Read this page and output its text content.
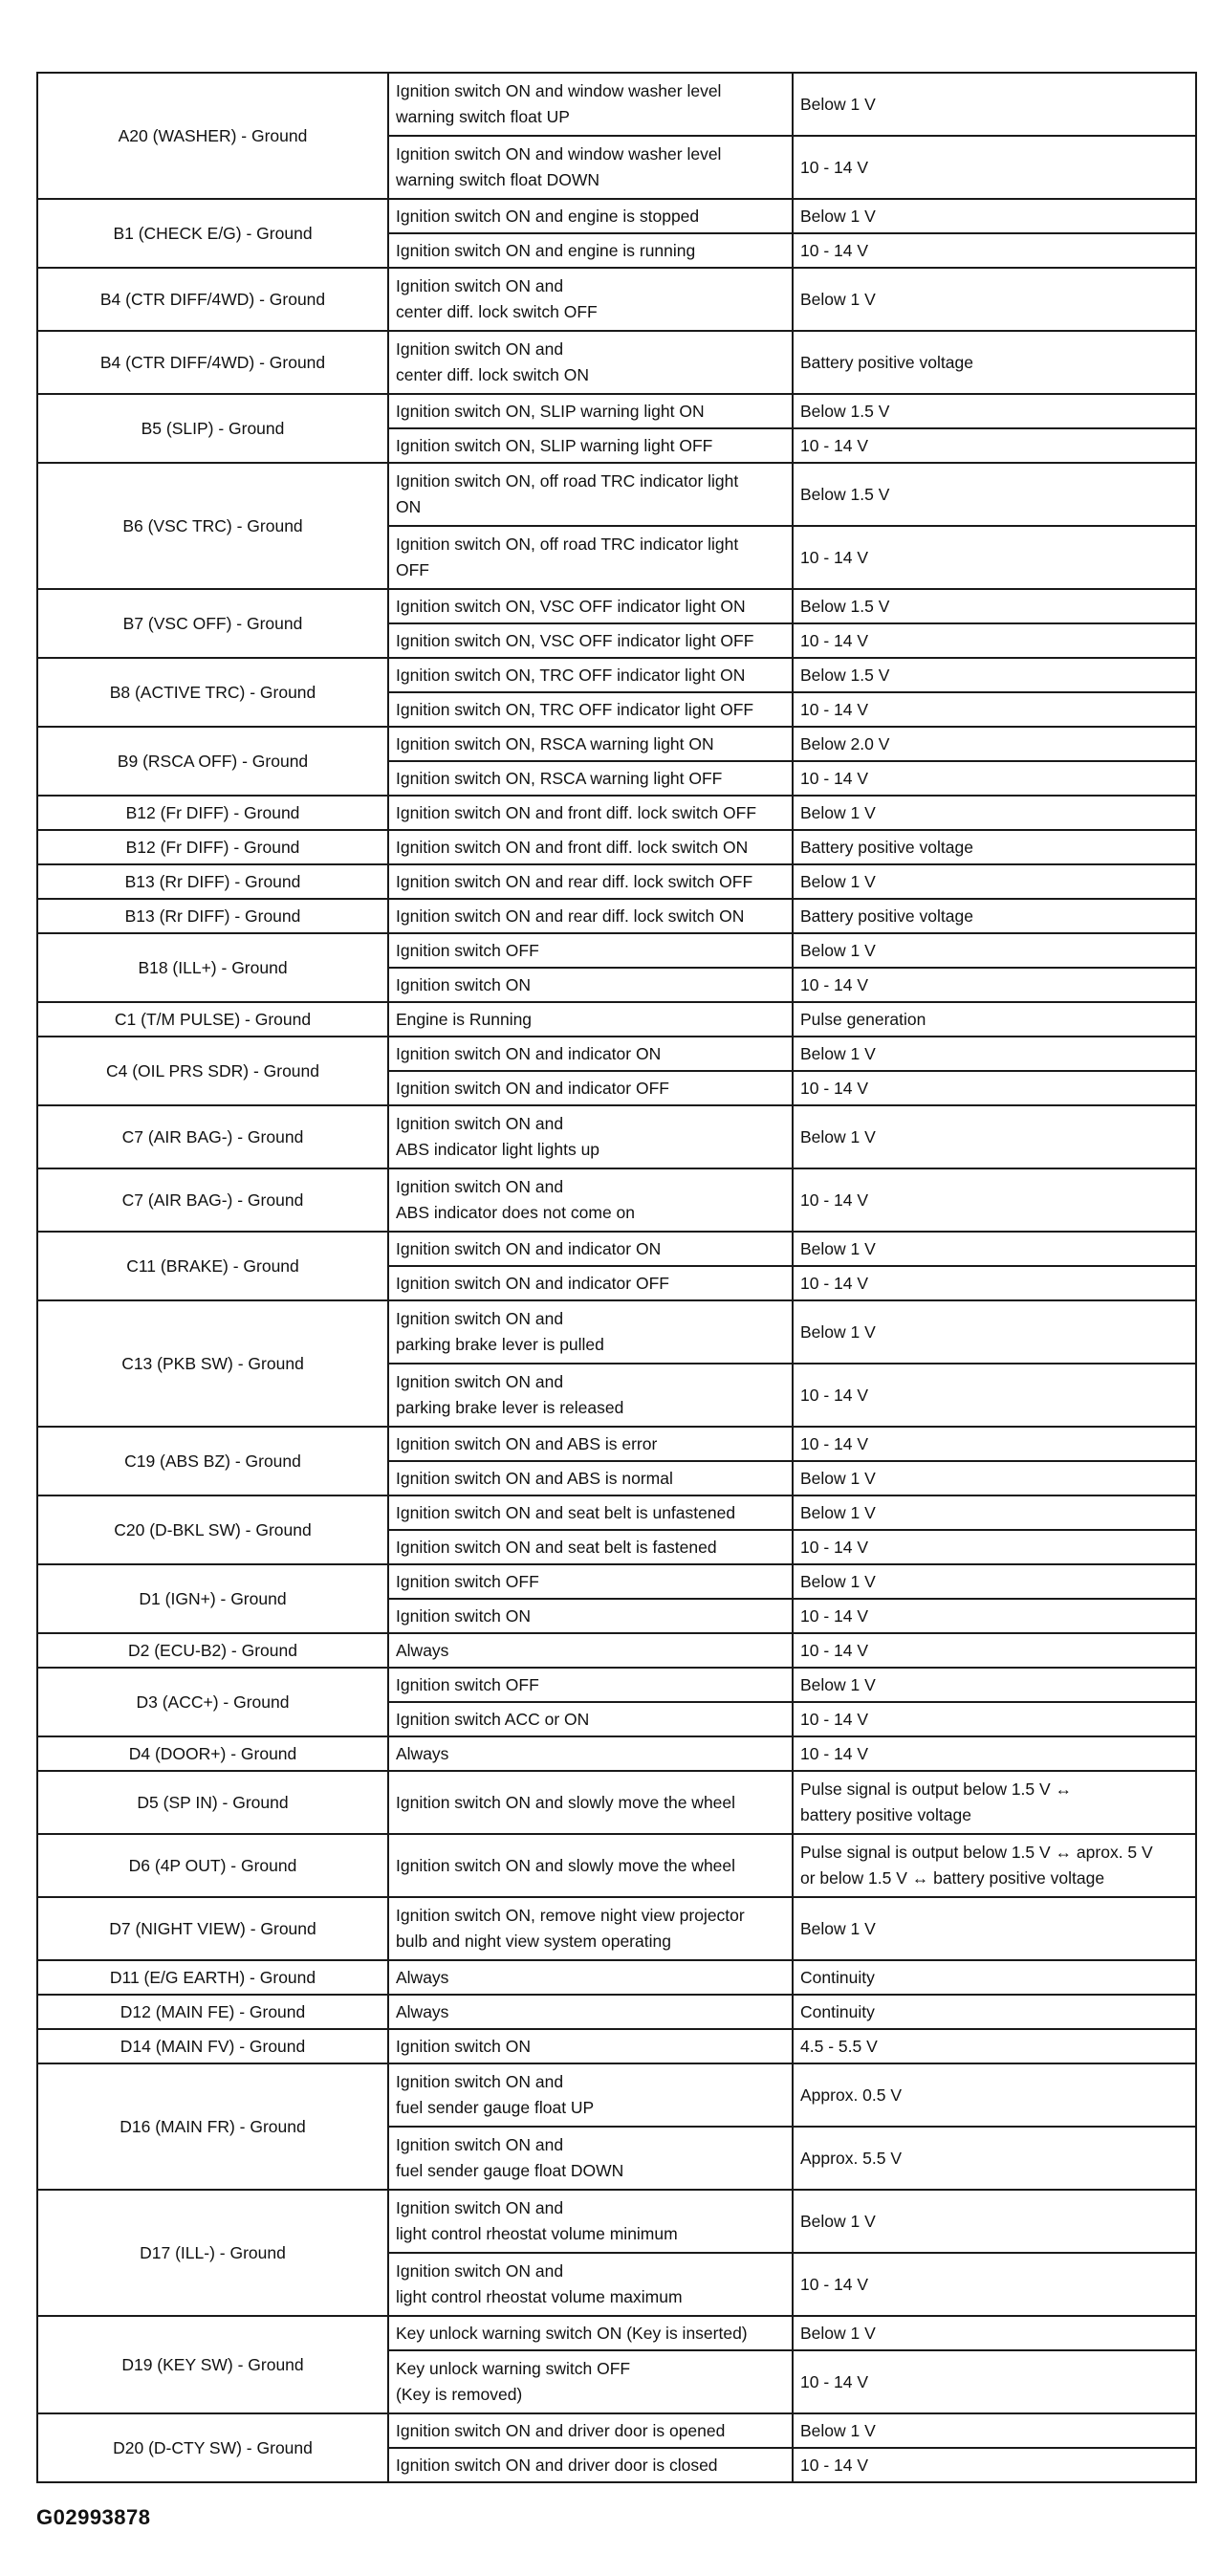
A20 (WASHER) - Ground	Ignition switch ON and window washer level
warning switch float UP	Below 1 V
	Ignition switch ON and window washer level
warning switch float DOWN	10 - 14 V
B1 (CHECK E/G) - Ground	Ignition switch ON and engine is stopped	Below 1 V
	Ignition switch ON and engine is running	10 - 14 V
B4 (CTR DIFF/4WD) - Ground	Ignition switch ON and
center diff. lock switch OFF	Below 1 V
B4 (CTR DIFF/4WD) - Ground	Ignition switch ON and
center diff. lock switch ON	Battery positive voltage
B5 (SLIP) - Ground	Ignition switch ON, SLIP warning light ON	Below 1.5 V
	Ignition switch ON, SLIP warning light OFF	10 - 14 V
B6 (VSC TRC) - Ground	Ignition switch ON, off road TRC indicator light
ON	Below 1.5 V
	Ignition switch ON, off road TRC indicator light
OFF	10 - 14 V
B7 (VSC OFF) - Ground	Ignition switch ON, VSC OFF indicator light ON	Below 1.5 V
	Ignition switch ON, VSC OFF indicator light OFF	10 - 14 V
B8 (ACTIVE TRC) - Ground	Ignition switch ON, TRC OFF indicator light ON	Below 1.5 V
	Ignition switch ON, TRC OFF indicator light OFF	10 - 14 V
B9 (RSCA OFF) - Ground	Ignition switch ON, RSCA warning light ON	Below 2.0 V
	Ignition switch ON, RSCA warning light OFF	10 - 14 V
B12 (Fr DIFF) - Ground	Ignition switch ON and front diff. lock switch OFF	Below 1 V
B12 (Fr DIFF) - Ground	Ignition switch ON and front diff. lock switch ON	Battery positive voltage
B13 (Rr DIFF) - Ground	Ignition switch ON and rear diff. lock switch OFF	Below 1 V
B13 (Rr DIFF) - Ground	Ignition switch ON and rear diff. lock switch ON	Battery positive voltage
B18 (ILL+) - Ground	Ignition switch OFF	Below 1 V
	Ignition switch ON	10 - 14 V
C1 (T/M PULSE) - Ground	Engine is Running	Pulse generation
C4 (OIL PRS SDR) - Ground	Ignition switch ON and indicator ON	Below 1 V
	Ignition switch ON and indicator OFF	10 - 14 V
C7 (AIR BAG-) - Ground	Ignition switch ON and
ABS indicator light lights up	Below 1 V
C7 (AIR BAG-) - Ground	Ignition switch ON and
ABS indicator does not come on	10 - 14 V
C11 (BRAKE) - Ground	Ignition switch ON and indicator ON	Below 1 V
	Ignition switch ON and indicator OFF	10 - 14 V
C13 (PKB SW) - Ground	Ignition switch ON and
parking brake lever is pulled	Below 1 V
	Ignition switch ON and
parking brake lever is released	10 - 14 V
C19 (ABS BZ) - Ground	Ignition switch ON and ABS is error	10 - 14 V
	Ignition switch ON and ABS is normal	Below 1 V
C20 (D-BKL SW) - Ground	Ignition switch ON and seat belt is unfastened	Below 1 V
	Ignition switch ON and seat belt is fastened	10 - 14 V
D1 (IGN+) - Ground	Ignition switch OFF	Below 1 V
	Ignition switch ON	10 - 14 V
D2 (ECU-B2) - Ground	Always	10 - 14 V
D3 (ACC+) - Ground	Ignition switch OFF	Below 1 V
	Ignition switch ACC or ON	10 - 14 V
D4 (DOOR+) - Ground	Always	10 - 14 V
D5 (SP IN) - Ground	Ignition switch ON and slowly move the wheel	Pulse signal is output below 1.5 V ↔
battery positive voltage
D6 (4P OUT) - Ground	Ignition switch ON and slowly move the wheel	Pulse signal is output below 1.5 V ↔ aprox. 5 V
or below 1.5 V ↔ battery positive voltage
D7 (NIGHT VIEW) - Ground	Ignition switch ON, remove night view projector
bulb and night view system operating	Below 1 V
D11 (E/G EARTH) - Ground	Always	Continuity
D12 (MAIN FE) - Ground	Always	Continuity
D14 (MAIN FV) - Ground	Ignition switch ON	4.5 - 5.5 V
D16 (MAIN FR) - Ground	Ignition switch ON and
fuel sender gauge float UP	Approx. 0.5 V
	Ignition switch ON and
fuel sender gauge float DOWN	Approx. 5.5 V
D17 (ILL-) - Ground	Ignition switch ON and
light control rheostat volume minimum	Below 1 V
	Ignition switch ON and
light control rheostat volume maximum	10 - 14 V
D19 (KEY SW) - Ground	Key unlock warning switch ON (Key is inserted)	Below 1 V
	Key unlock warning switch OFF
(Key is removed)	10 - 14 V
D20 (D-CTY SW) - Ground	Ignition switch ON and driver door is opened	Below 1 V
	Ignition switch ON and driver door is closed	10 - 14 V
G02993878
